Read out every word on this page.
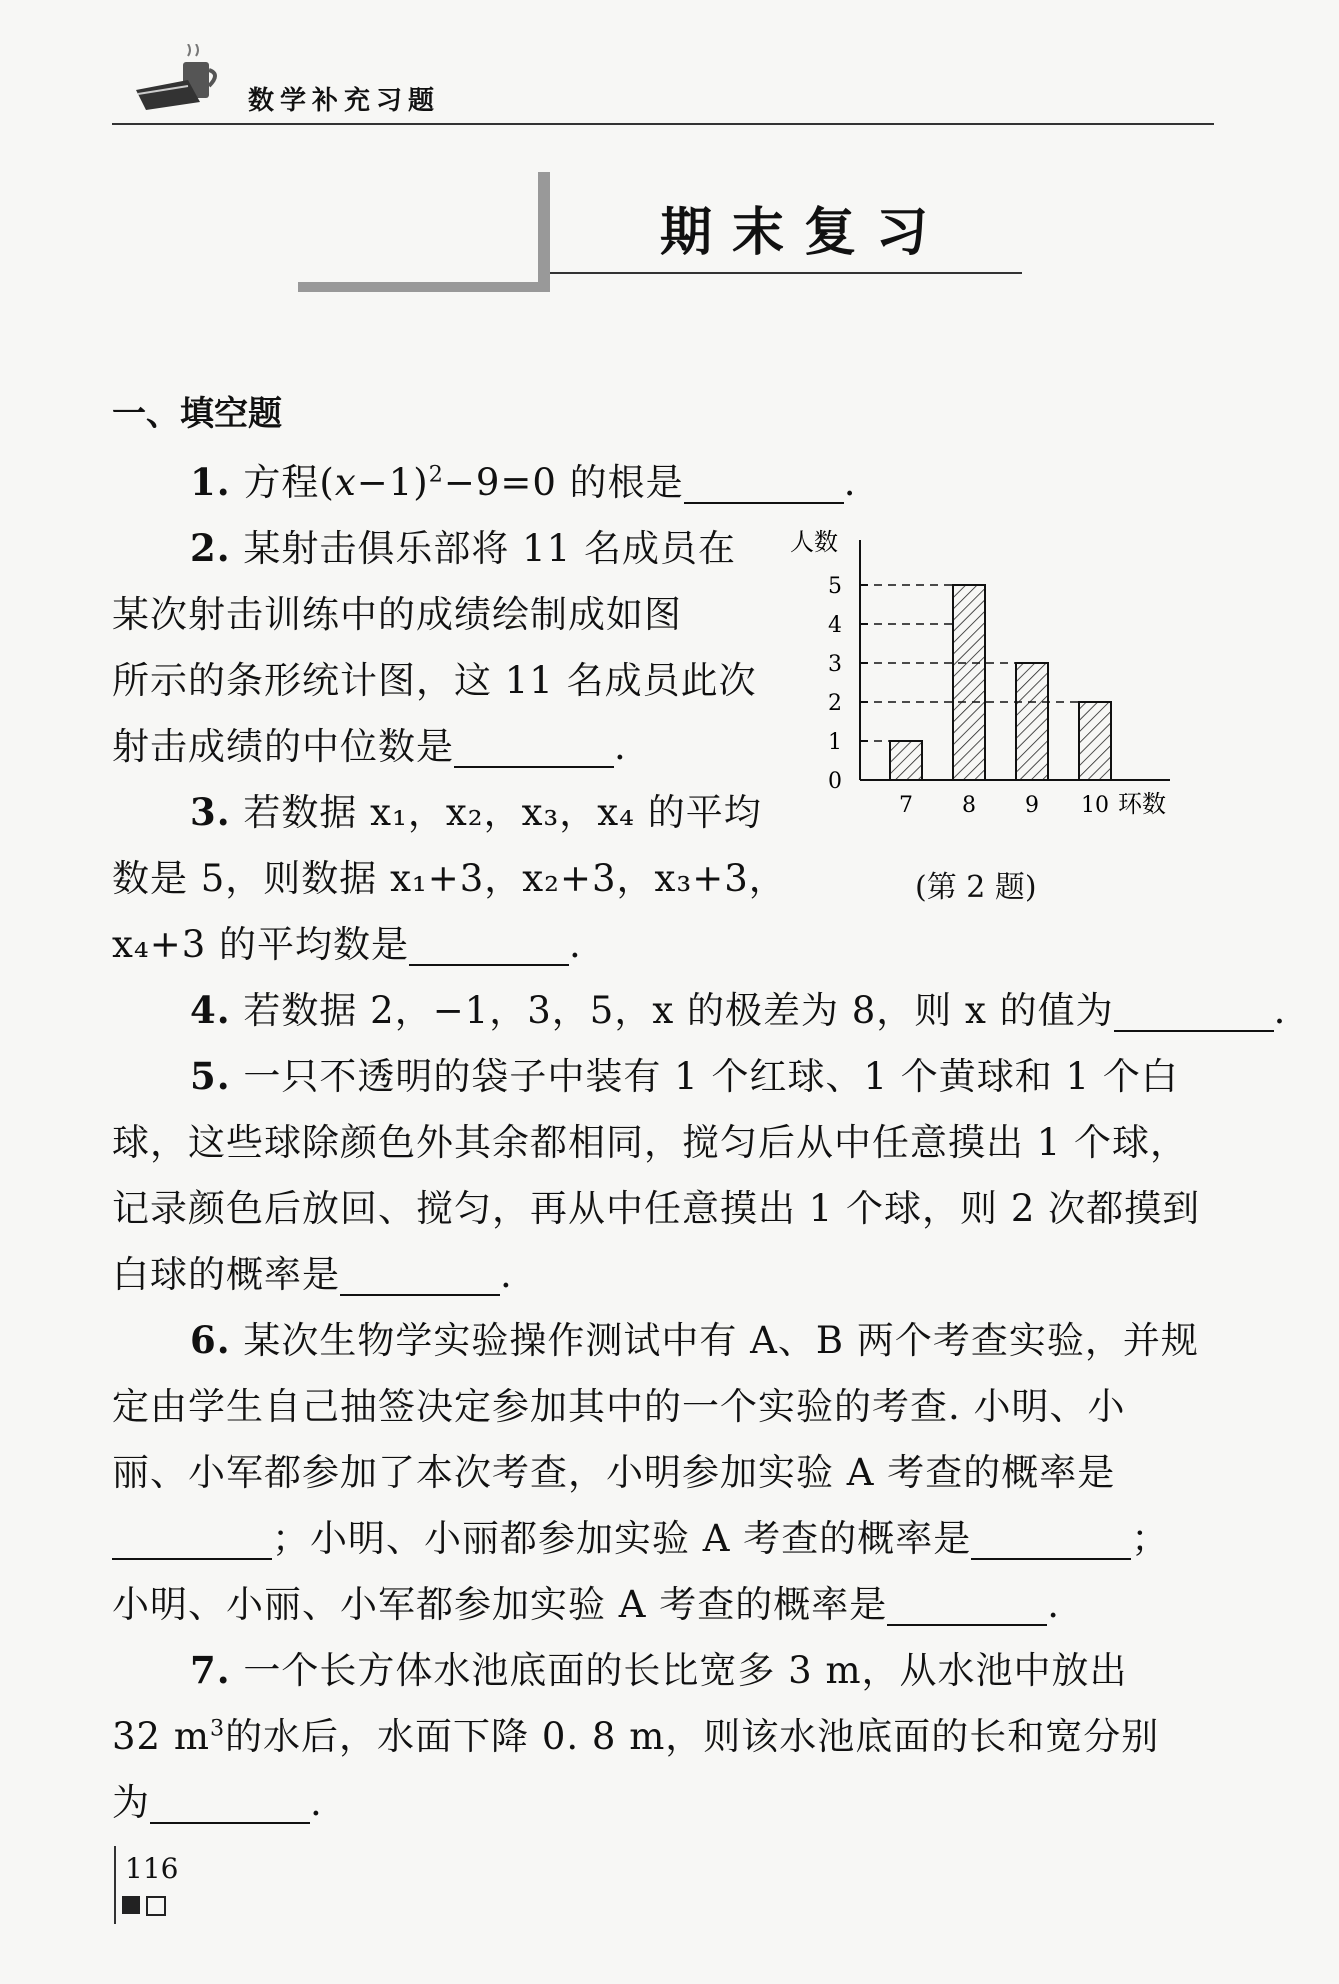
数学补充习题
期末复习
一、填空题
1. 方程$(x-1)^2-9=0$ 的根是	.
2. 某射击俱乐部将 11 名成员在
某次射击训练中的成绩绘制成如图
所示的条形统计图，这 11 名成员此次
射击成绩的中位数是	.
3. 若数据 x₁，x₂，x₃，x₄ 的平均
数是 5，则数据 x₁+3，x₂+3，x₃+3，
x₄+3 的平均数是	.
人数
环数
0
1
2
3
4
5
7 8 9 10
(第 2 题)
4. 若数据 2，−1，3，5，x 的极差为 8，则 x 的值为	.
5. 一只不透明的袋子中装有 1 个红球、1 个黄球和 1 个白
球，这些球除颜色外其余都相同，搅匀后从中任意摸出 1 个球，
记录颜色后放回、搅匀，再从中任意摸出 1 个球，则 2 次都摸到
白球的概率是	.
6. 某次生物学实验操作测试中有 A、B 两个考查实验，并规
定由学生自己抽签决定参加其中的一个实验的考查. 小明、小
丽、小军都参加了本次考查，小明参加实验 A 考查的概率是
；小明、小丽都参加实验 A 考查的概率是	；
小明、小丽、小军都参加实验 A 考查的概率是	.
7. 一个长方体水池底面的长比宽多 3 m，从水池中放出
32 $m^3$的水后，水面下降 0. 8 m，则该水池底面的长和宽分别
为	.
116
